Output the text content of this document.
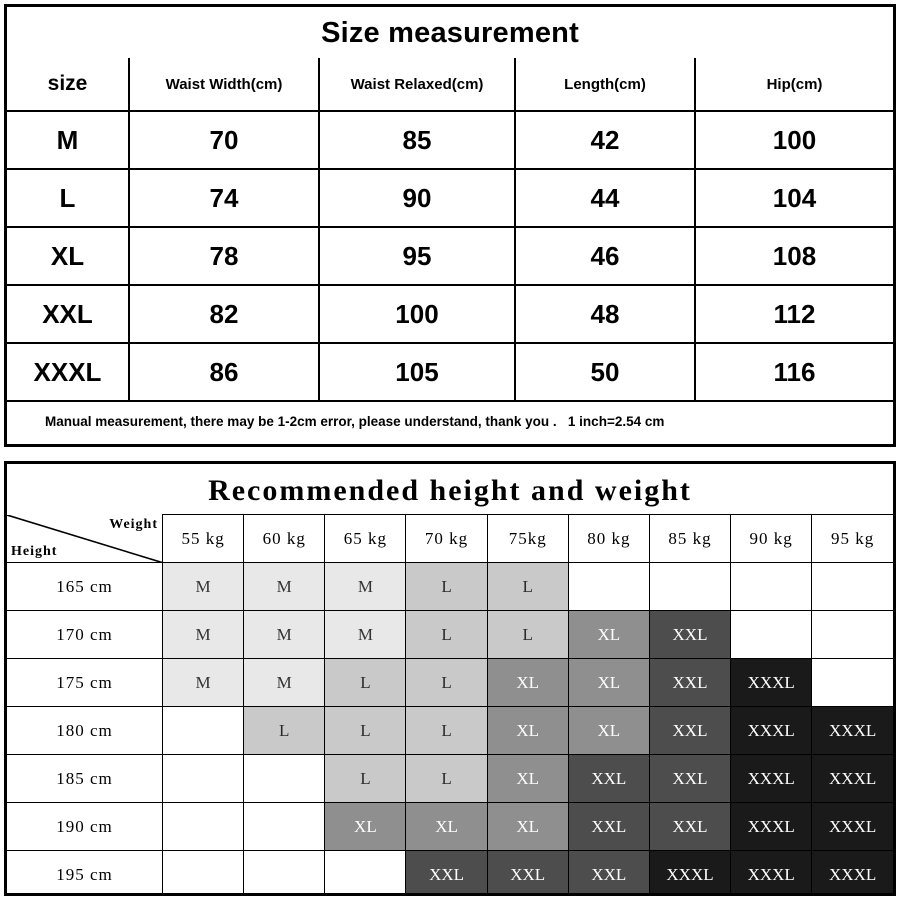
Size measurement
size	Waist Width(cm)	Waist Relaxed(cm)	Length(cm)	Hip(cm)
M	70	85	42	100
L	74	90	44	104
XL	78	95	46	108
XXL	82	100	48	112
XXXL	86	105	50	116
Manual measurement, there may be 1-2cm error, please understand, thank you .   1 inch=2.54 cm
Recommended height and weight
Height
Weight	55 kg	60 kg	65 kg	70 kg	75kg	80 kg	85 kg	90 kg	95 kg
165 cm	M	M	M	L	L				
170 cm	M	M	M	L	L	XL	XXL		
175 cm	M	M	L	L	XL	XL	XXL	XXXL	
180 cm		L	L	L	XL	XL	XXL	XXXL	XXXL
185 cm			L	L	XL	XXL	XXL	XXXL	XXXL
190 cm			XL	XL	XL	XXL	XXL	XXXL	XXXL
195 cm				XXL	XXL	XXL	XXXL	XXXL	XXXL
